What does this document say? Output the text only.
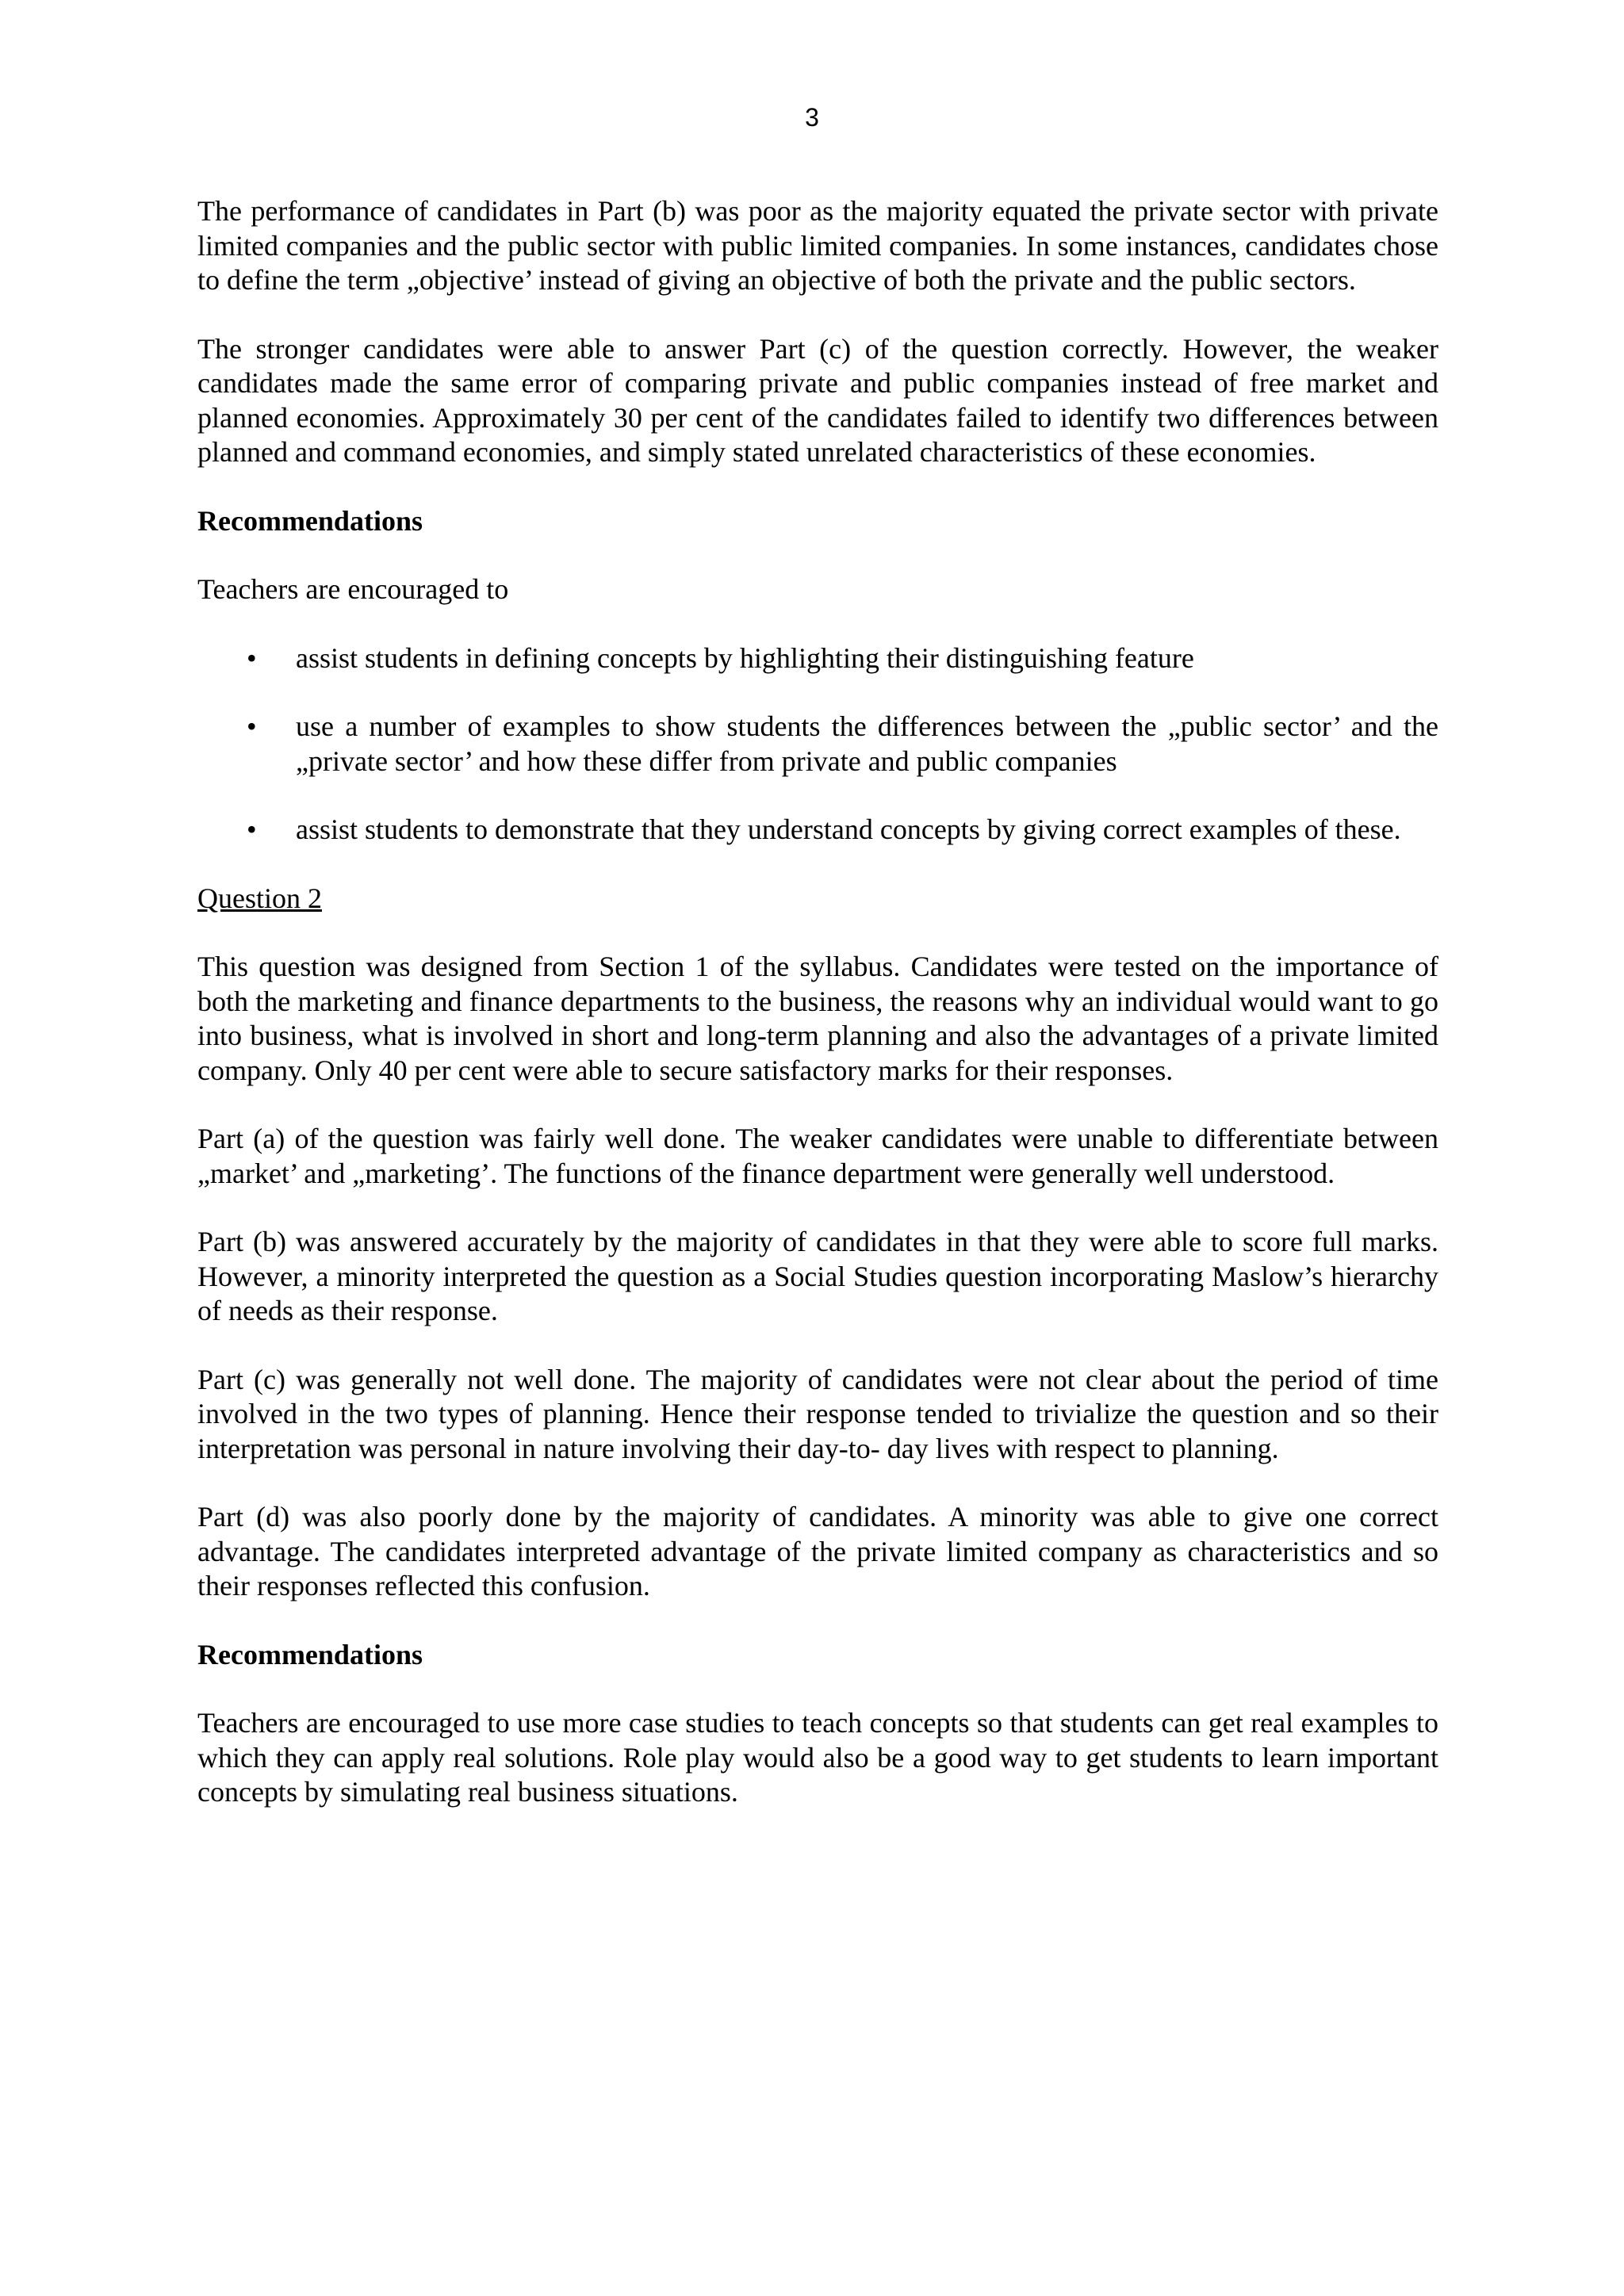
3

The performance of candidates in Part (b) was poor as the majority equated the private sector with private limited companies and the public sector with public limited companies. In some instances, candidates chose to define the term „objective’ instead of giving an objective of both the private and the public sectors.

The stronger candidates were able to answer Part (c) of the question correctly. However, the weaker candidates made the same error of comparing private and public companies instead of free market and planned economies. Approximately 30 per cent of the candidates failed to identify two differences between planned and command economies, and simply stated unrelated characteristics of these economies.

Recommendations

Teachers are encouraged to

• assist students in defining concepts by highlighting their distinguishing feature
• use a number of examples to show students the differences between the „public sector’ and the „private sector’ and how these differ from private and public companies
• assist students to demonstrate that they understand concepts by giving correct examples of these.

Question 2

This question was designed from Section 1 of the syllabus. Candidates were tested on the importance of both the marketing and finance departments to the business, the reasons why an individual would want to go into business, what is involved in short and long-term planning and also the advantages of a private limited company. Only 40 per cent were able to secure satisfactory marks for their responses.

Part (a) of the question was fairly well done. The weaker candidates were unable to differentiate between „market’ and „marketing’. The functions of the finance department were generally well understood.

Part (b) was answered accurately by the majority of candidates in that they were able to score full marks. However, a minority interpreted the question as a Social Studies question incorporating Maslow’s hierarchy of needs as their response.

Part (c) was generally not well done. The majority of candidates were not clear about the period of time involved in the two types of planning. Hence their response tended to trivialize the question and so their interpretation was personal in nature involving their day-to- day lives with respect to planning.

Part (d) was also poorly done by the majority of candidates. A minority was able to give one correct advantage. The candidates interpreted advantage of the private limited company as characteristics and so their responses reflected this confusion.

Recommendations

Teachers are encouraged to use more case studies to teach concepts so that students can get real examples to which they can apply real solutions. Role play would also be a good way to get students to learn important concepts by simulating real business situations.
